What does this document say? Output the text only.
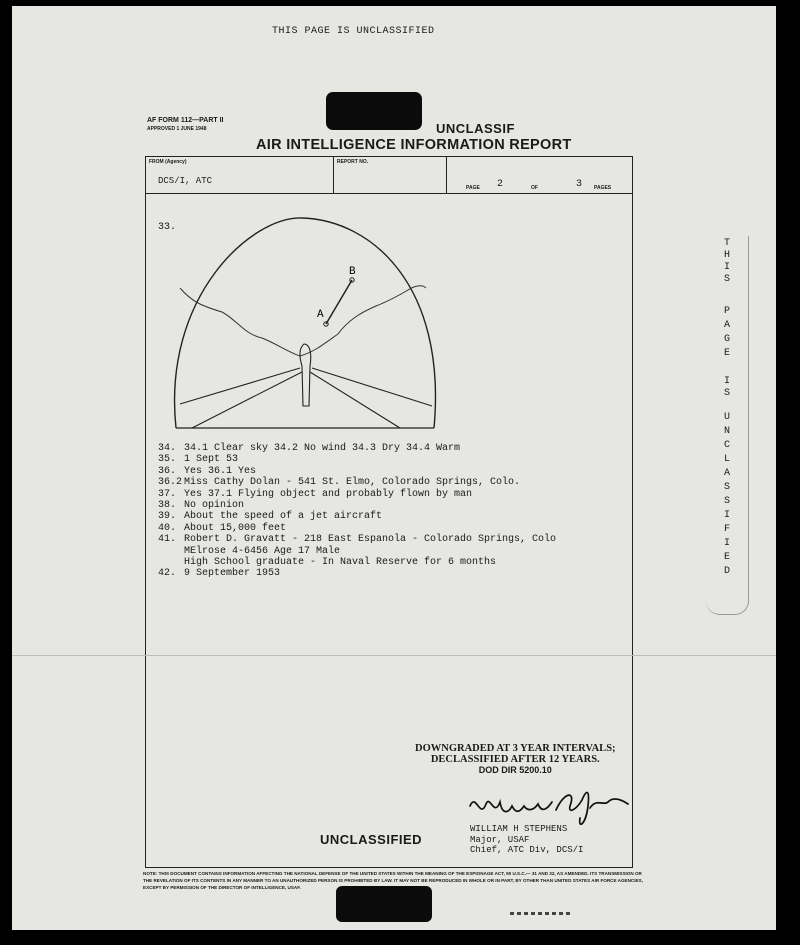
THIS PAGE IS UNCLASSIFIED
AF FORM 112—PART II
APPROVED 1 JUNE 1948	UNCLASSIF
AIR INTELLIGENCE INFORMATION REPORT
FROM (Agency)
DCS/I, ATC
REPORT NO.
PAGE 2	OF	3 PAGES
33.
A
B
34. 34.1 Clear sky 34.2 No wind 34.3 Dry 34.4 Warm
35. 1 Sept 53
36. Yes 36.1 Yes
36.2 Miss Cathy Dolan - 541 St. Elmo, Colorado Springs, Colo.
37. Yes 37.1 Flying object and probably flown by man
38. No opinion
39. About the speed of a jet aircraft
40. About 15,000 feet
41. Robert D. Gravatt - 218 East Espanola - Colorado Springs, Colo
MElrose 4-6456 Age 17 Male
High School graduate - In Naval Reserve for 6 months
42. 9 September 1953
DOWNGRADED AT 3 YEAR INTERVALS;
DECLASSIFIED AFTER 12 YEARS.
DOD DIR 5200.10
WILLIAM H STEPHENS
Major, USAF
Chief, ATC Div, DCS/I
UNCLASSIFIED
NOTE: THIS DOCUMENT CONTAINS INFORMATION AFFECTING THE NATIONAL DEFENSE OF THE UNITED STATES WITHIN THE MEANING OF THE ESPIONAGE ACT, 50 U.S.C.— 31 AND 32, AS AMENDED. ITS TRANSMISSION OR THE REVELATION OF ITS CONTENTS IN ANY MANNER TO AN UNAUTHORIZED PERSON IS PROHIBITED BY LAW. IT MAY NOT BE REPRODUCED IN WHOLE OR IN PART, BY OTHER THAN UNITED STATES AIR FORCE AGENCIES, EXCEPT BY PERMISSION OF THE DIRECTOR OF INTELLIGENCE, USAF.
T
H
I
S
P
A
G
E
I
S
U
N
C
L
A
S
S
I
F
I
E
D
